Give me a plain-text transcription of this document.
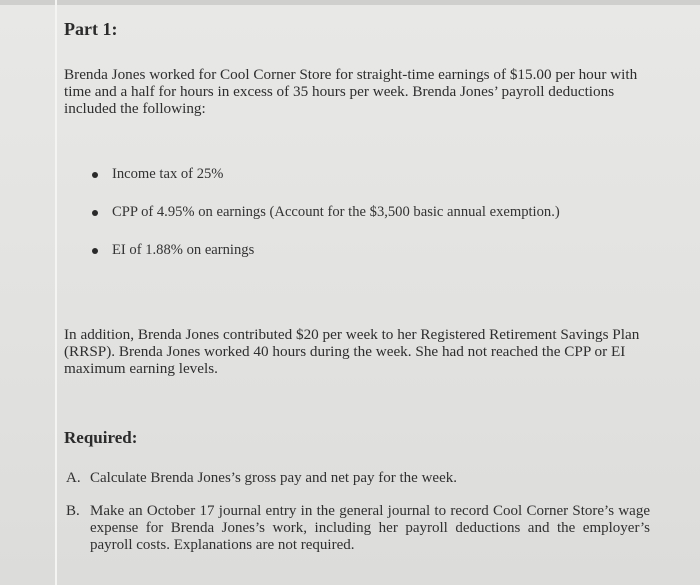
Part 1:
Brenda Jones worked for Cool Corner Store for straight-time earnings of $15.00 per hour with time and a half for hours in excess of 35 hours per week. Brenda Jones’ payroll deductions included the following:
Income tax of 25%
CPP of 4.95% on earnings (Account for the $3,500 basic annual exemption.)
EI of 1.88% on earnings
In addition, Brenda Jones contributed $20 per week to her Registered Retirement Savings Plan (RRSP). Brenda Jones worked 40 hours during the week. She had not reached the CPP or EI maximum earning levels.
Required:
A. Calculate Brenda Jones’s gross pay and net pay for the week.
B. Make an October 17 journal entry in the general journal to record Cool Corner Store’s wage expense for Brenda Jones’s work, including her payroll deductions and the employer’s payroll costs. Explanations are not required.
